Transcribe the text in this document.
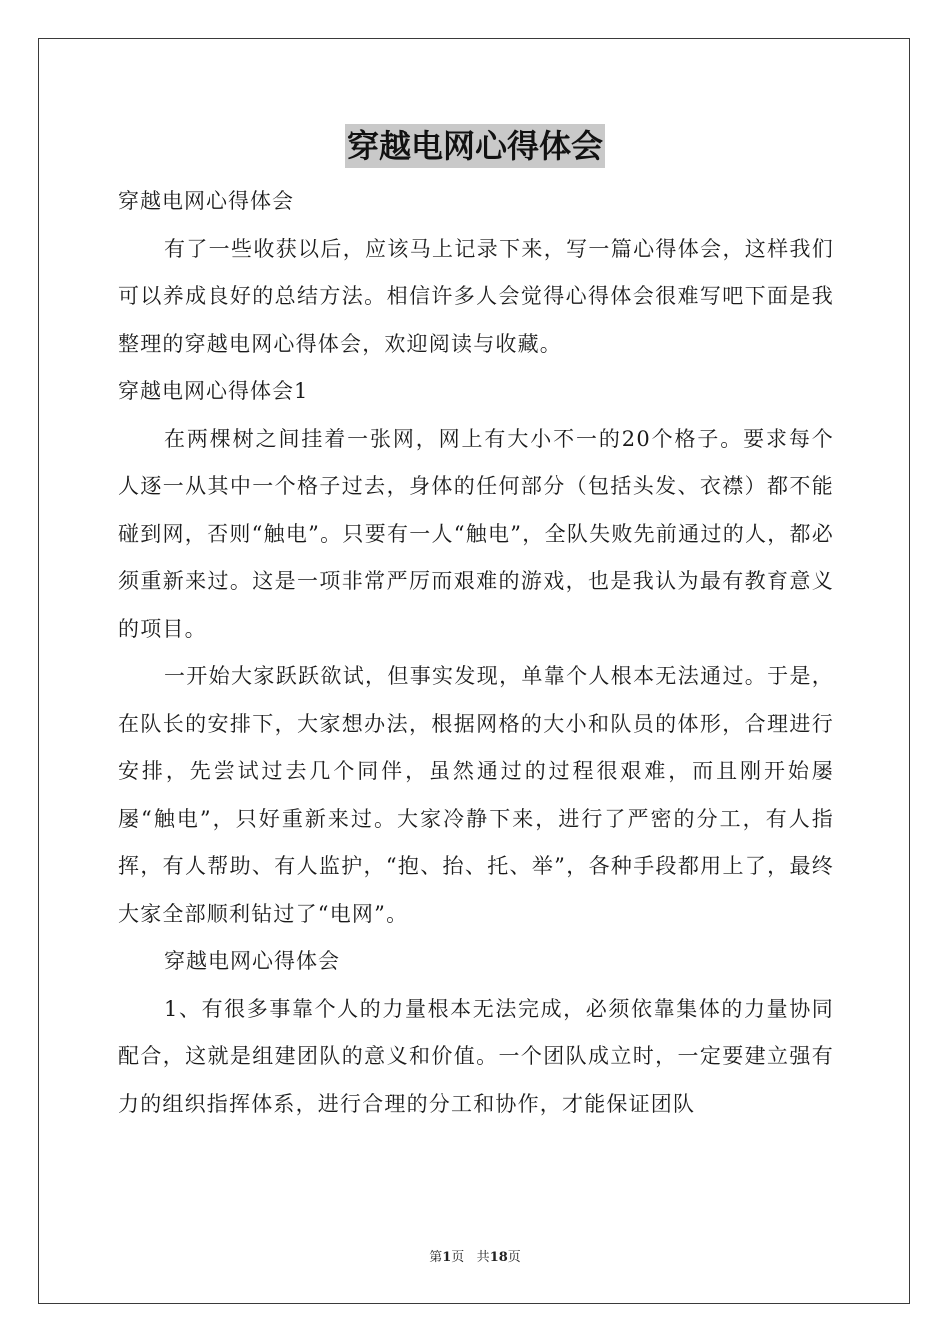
穿越电网心得体会
穿越电网心得体会
有了一些收获以后，应该马上记录下来，写一篇心得体会，这样我们可以养成良好的总结方法。相信许多人会觉得心得体会很难写吧下面是我整理的穿越电网心得体会，欢迎阅读与收藏。
穿越电网心得体会1
在两棵树之间挂着一张网，网上有大小不一的20个格子。要求每个人逐一从其中一个格子过去，身体的任何部分（包括头发、衣襟）都不能碰到网，否则“触电”。只要有一人“触电”，全队失败先前通过的人，都必须重新来过。这是一项非常严厉而艰难的游戏，也是我认为最有教育意义的项目。
一开始大家跃跃欲试，但事实发现，单靠个人根本无法通过。于是，在队长的安排下，大家想办法，根据网格的大小和队员的体形，合理进行安排，先尝试过去几个同伴，虽然通过的过程很艰难，而且刚开始屡屡“触电”，只好重新来过。大家冷静下来，进行了严密的分工，有人指挥，有人帮助、有人监护，“抱、抬、托、举”，各种手段都用上了，最终大家全部顺利钻过了“电网”。
穿越电网心得体会
1、有很多事靠个人的力量根本无法完成，必须依靠集体的力量协同配合，这就是组建团队的意义和价值。一个团队成立时，一定要建立强有力的组织指挥体系，进行合理的分工和协作，才能保证团队
第1页 共18页
